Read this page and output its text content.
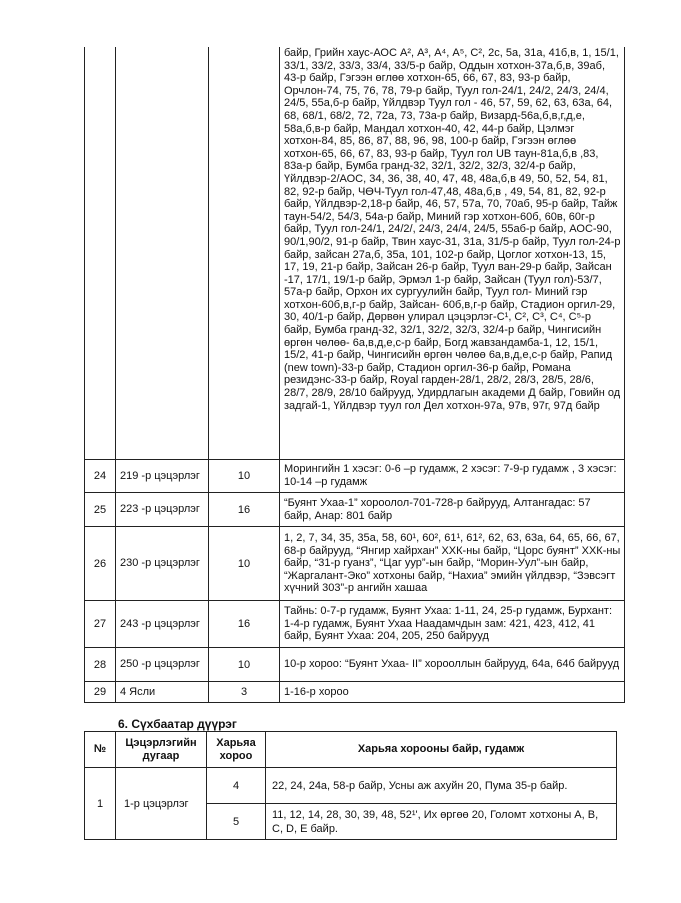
			байр, Грийн хаус-АОС А², А³, А⁴, А⁵, С², 2с, 5а, 31а, 41б,в, 1, 15/1, 33/1, 33/2, 33/3, 33/4, 33/5-р байр, Оддын хотхон-37а,б,в, 39аб, 43-р байр, Гэгээн өглөө хотхон-65, 66, 67, 83, 93-р байр, Орчлон-74, 75, 76, 78, 79-р байр, Туул гол-24/1, 24/2, 24/3, 24/4, 24/5, 55а,б-р байр, Үйлдвэр Туул гол - 46, 57, 59, 62, 63, 63а, 64, 68, 68/1, 68/2, 72, 72а, 73, 73а-р байр, Визард-56а,б,в,г,д,е, 58а,б,в-р байр, Мандал хотхон-40, 42, 44-р байр, Цэлмэг хотхон-84, 85, 86, 87, 88, 96, 98, 100-р байр, Гэгээн өглөө хотхон-65, 66, 67, 83, 93-р байр, Туул гол UB таун-81а,б,в ,83, 83а-р байр, Бумба гранд-32, 32/1, 32/2, 32/3, 32/4-р байр, Үйлдвэр-2/АОС, 34, 36, 38, 40, 47, 48, 48а,б,в 49, 50, 52, 54, 81, 82, 92-р байр, ЧӨЧ-Туул гол-47,48, 48а,б,в , 49, 54, 81, 82, 92-р байр, Үйлдвэр-2,18-р байр, 46, 57, 57а, 70, 70аб, 95-р байр, Тайж таун-54/2, 54/3, 54а-р байр, Миний гэр хотхон-60б, 60в, 60г-р байр, Туул гол-24/1, 24/2/, 24/3, 24/4, 24/5, 55аб-р байр, АОС-90, 90/1,90/2, 91-р байр, Твин хаус-31, 31а, 31/5-р байр, Туул гол-24-р байр, зайсан 27а,б, 35а, 101, 102-р байр, Цоглог хотхон-13, 15, 17, 19, 21-р байр, Зайсан 26-р байр, Туул ван-29-р байр, Зайсан -17, 17/1, 19/1-р байр, Эрмэл 1-р байр, Зайсан (Туул гол)-53/7, 57а-р байр, Орхон их сургуулийн байр, Туул гол- Миний гэр хотхон-60б,в,г-р байр, Зайсан- 60б,в,г-р байр, Стадион оргил-29, 30, 40/1-р байр, Дөрвөн улирал цэцэрлэг-С¹, С², С³, С⁴, С⁵-р байр, Бумба гранд-32, 32/1, 32/2, 32/3, 32/4-р байр, Чингисийн өргөн чөлөө- 6а,в,д,е,с-р байр, Богд жавзандамба-1, 12, 15/1, 15/2, 41-р байр, Чингисийн өргөн чөлөө 6а,в,д,е,с-р байр, Рапид (new town)-33-р байр, Стадион оргил-36-р байр, Романа резидэнс-33-р байр, Royal гарден-28/1, 28/2, 28/3, 28/5, 28/6, 28/7, 28/9, 28/10 байрууд, Удирдлагын академи Д байр, Говийн од задгай-1, Үйлдвэр туул гол Дел хотхон-97а, 97в, 97г, 97д байр
24	219 -р цэцэрлэг	10	Морингийн 1 хэсэг: 0-6 –р гудамж, 2 хэсэг: 7-9-р гудамж , 3 хэсэг: 10-14 –р гудамж
25	223 -р цэцэрлэг	16	“Буянт Ухаа-1” хороолол-701-728-р байрууд, Алтангадас: 57 байр, Анар: 801 байр
26	230 -р цэцэрлэг	10	1, 2, 7, 34, 35, 35а, 58, 60¹, 60², 61¹, 61², 62, 63, 63а, 64, 65, 66, 67, 68-р байрууд, “Янгир хайрхан” ХХК-ны байр, “Цорс буянт” ХХК-ны байр, “31-р гуанз”, “Цаг уур”-ын байр, “Морин-Уул”-ын байр, “Жаргалант-Эко” хотхоны байр, “Нахиа” эмийн үйлдвэр, “Зэвсэгт хүчний 303”-р ангийн хашаа
27	243 -р цэцэрлэг	16	Тайнь: 0-7-р гудамж, Буянт Ухаа: 1-11, 24, 25-р гудамж, Бурхант: 1-4-р гудамж, Буянт Ухаа Наадамчдын зам: 421, 423, 412, 41 байр, Буянт Ухаа: 204, 205, 250 байрууд
28	250 -р цэцэрлэг	10	10-р хороо: “Буянт Ухаа- II” хорооллын байрууд, 64а, 64б байрууд
29	4 Ясли	3	1-16-р хороо
6. Сүхбаатар дүүрэг
№	Цэцэрлэгийн дугаар	Харьяа хороо	Харьяа хорооны байр, гудамж
1	1-р цэцэрлэг	4	22, 24, 24а, 58-р байр, Усны аж ахуйн 20, Пума 35-р байр.
		5	11, 12, 14, 28, 30, 39, 48, 52¹', Их өргөө 20, Голомт хотхоны А, В, С, D, Е байр.
